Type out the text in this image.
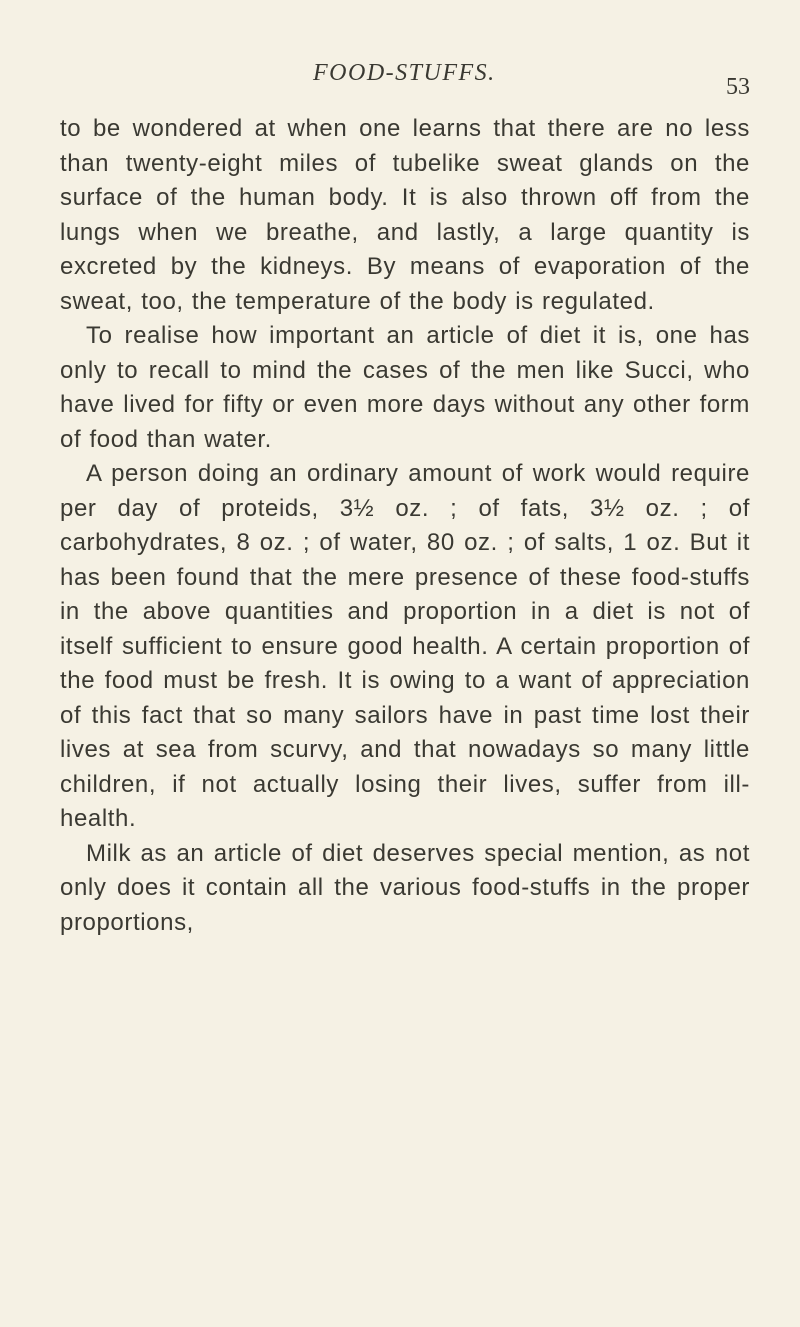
FOOD-STUFFS.
53

to be wondered at when one learns that there are no less than twenty-eight miles of tubelike sweat glands on the surface of the human body. It is also thrown off from the lungs when we breathe, and lastly, a large quantity is excreted by the kidneys. By means of evaporation of the sweat, too, the temperature of the body is regulated.

To realise how important an article of diet it is, one has only to recall to mind the cases of the men like Succi, who have lived for fifty or even more days without any other form of food than water.

A person doing an ordinary amount of work would require per day of proteids, 3½ oz. ; of fats, 3½ oz. ; of carbohydrates, 8 oz. ; of water, 80 oz. ; of salts, 1 oz. But it has been found that the mere presence of these food-stuffs in the above quantities and proportion in a diet is not of itself sufficient to ensure good health. A certain proportion of the food must be fresh. It is owing to a want of appreciation of this fact that so many sailors have in past time lost their lives at sea from scurvy, and that nowadays so many little children, if not actually losing their lives, suffer from ill-health.

Milk as an article of diet deserves special mention, as not only does it contain all the various food-stuffs in the proper proportions,
